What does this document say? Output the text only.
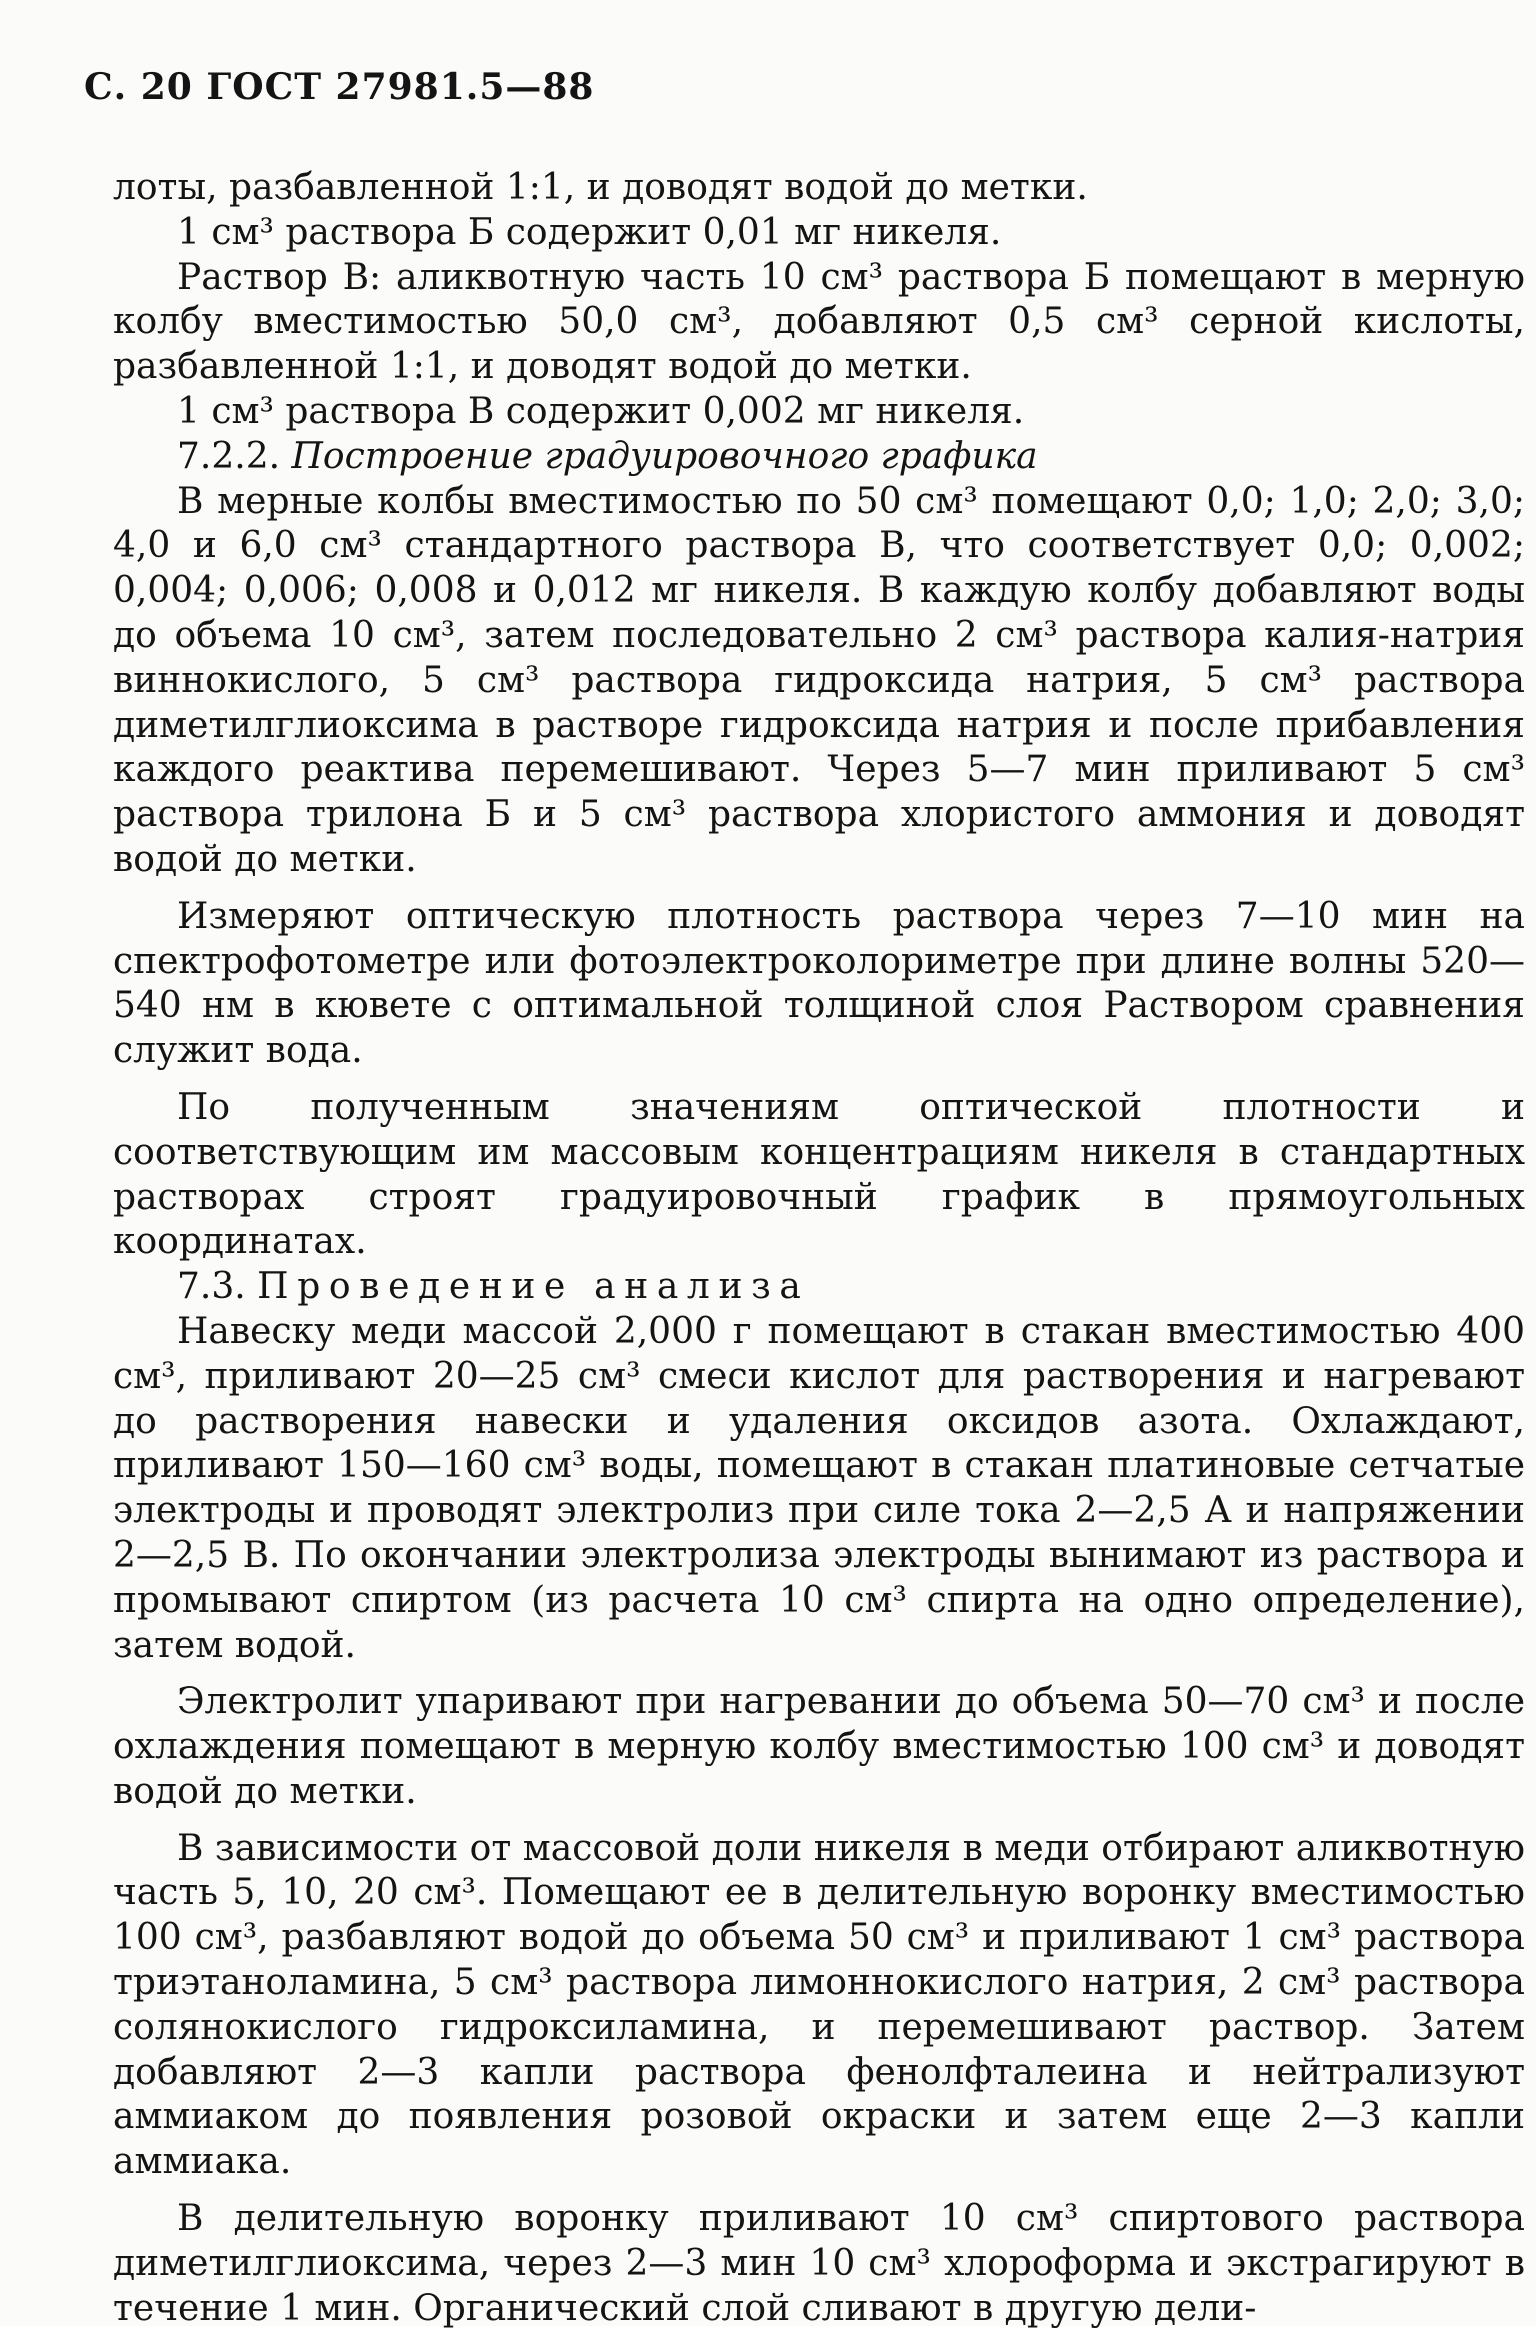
С. 20 ГОСТ 27981.5—88

лоты, разбавленной 1:1, и доводят водой до метки.

1 см³ раствора Б содержит 0,01 мг никеля.

Раствор В: аликвотную часть 10 см³ раствора Б помещают в мерную колбу вместимостью 50,0 см³, добавляют 0,5 см³ серной кислоты, разбавленной 1:1, и доводят водой до метки.

1 см³ раствора В содержит 0,002 мг никеля.

7.2.2. Построение градуировочного графика

В мерные колбы вместимостью по 50 см³ помещают 0,0; 1,0; 2,0; 3,0; 4,0 и 6,0 см³ стандартного раствора В, что соответствует 0,0; 0,002; 0,004; 0,006; 0,008 и 0,012 мг никеля. В каждую колбу добавляют воды до объема 10 см³, затем последовательно 2 см³ раствора калия-натрия виннокислого, 5 см³ раствора гидроксида натрия, 5 см³ раствора диметилглиоксима в растворе гидроксида натрия и после прибавления каждого реактива перемешивают. Через 5—7 мин приливают 5 см³ раствора трилона Б и 5 см³ раствора хлористого аммония и доводят водой до метки.

Измеряют оптическую плотность раствора через 7—10 мин на спектрофотометре или фотоэлектроколориметре при длине волны 520—540 нм в кювете с оптимальной толщиной слоя Раствором сравнения служит вода.

По полученным значениям оптической плотности и соответствующим им массовым концентрациям никеля в стандартных растворах строят градуировочный график в прямоугольных координатах.

7.3. Проведение анализа

Навеску меди массой 2,000 г помещают в стакан вместимостью 400 см³, приливают 20—25 см³ смеси кислот для растворения и нагревают до растворения навески и удаления оксидов азота. Охлаждают, приливают 150—160 см³ воды, помещают в стакан платиновые сетчатые электроды и проводят электролиз при силе тока 2—2,5 А и напряжении 2—2,5 В. По окончании электролиза электроды вынимают из раствора и промывают спиртом (из расчета 10 см³ спирта на одно определение), затем водой.

Электролит упаривают при нагревании до объема 50—70 см³ и после охлаждения помещают в мерную колбу вместимостью 100 см³ и доводят водой до метки.

В зависимости от массовой доли никеля в меди отбирают аликвотную часть 5, 10, 20 см³. Помещают ее в делительную воронку вместимостью 100 см³, разбавляют водой до объема 50 см³ и приливают 1 см³ раствора триэтаноламина, 5 см³ раствора лимоннокислого натрия, 2 см³ раствора солянокислого гидроксиламина, и перемешивают раствор. Затем добавляют 2—3 капли раствора фенолфталеина и нейтрализуют аммиаком до появления розовой окраски и затем еще 2—3 капли аммиака.

В делительную воронку приливают 10 см³ спиртового раствора диметилглиоксима, через 2—3 мин 10 см³ хлороформа и экстрагируют в течение 1 мин. Органический слой сливают в другую дели-
